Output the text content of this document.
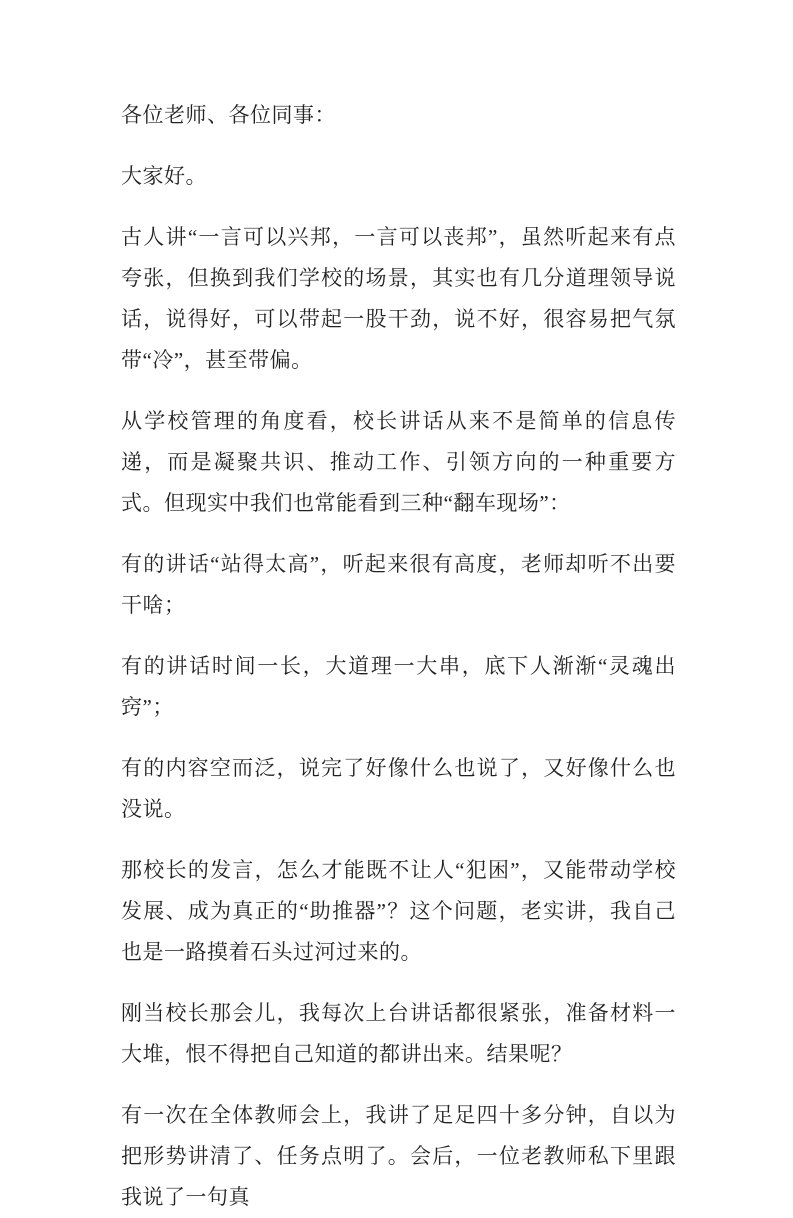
各位老师、各位同事：

大家好。

古人讲“一言可以兴邦，一言可以丧邦”，虽然听起来有点夸张，但换到我们学校的场景，其实也有几分道理领导说话，说得好，可以带起一股干劲，说不好，很容易把气氛带“冷”，甚至带偏。

从学校管理的角度看，校长讲话从来不是简单的信息传递，而是凝聚共识、推动工作、引领方向的一种重要方式。但现实中我们也常能看到三种“翻车现场”：

有的讲话“站得太高”，听起来很有高度，老师却听不出要干啥；

有的讲话时间一长，大道理一大串，底下人渐渐“灵魂出窍”；

有的内容空而泛，说完了好像什么也说了，又好像什么也没说。

那校长的发言，怎么才能既不让人“犯困”，又能带动学校发展、成为真正的“助推器”？这个问题，老实讲，我自己也是一路摸着石头过河过来的。

刚当校长那会儿，我每次上台讲话都很紧张，准备材料一大堆，恨不得把自己知道的都讲出来。结果呢？

有一次在全体教师会上，我讲了足足四十多分钟，自以为把形势讲清了、任务点明了。会后，一位老教师私下里跟我说了一句真
